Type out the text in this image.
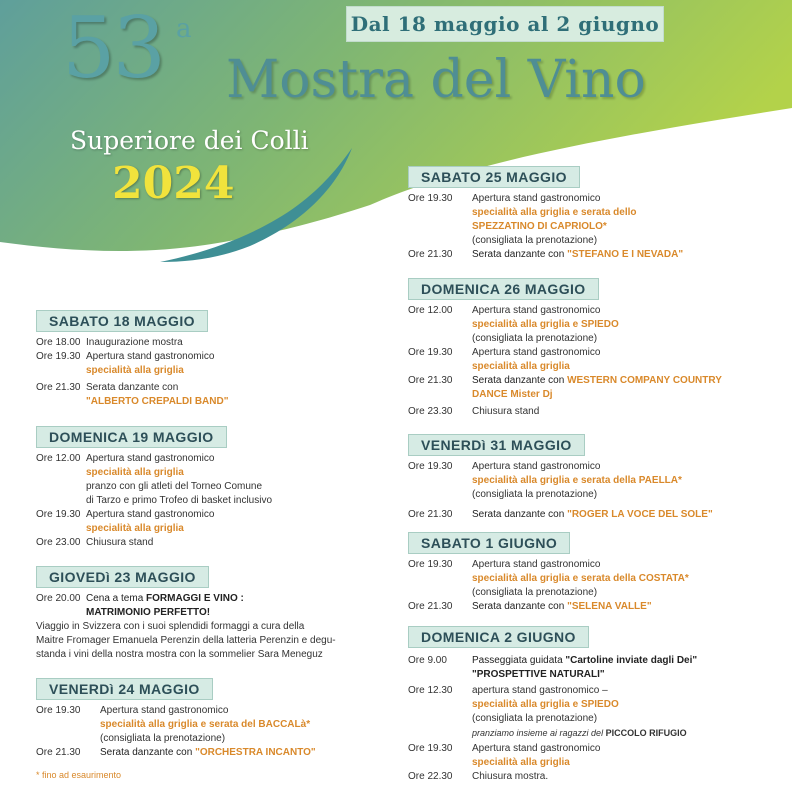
Dal 18 maggio al 2 giugno
53 a
Mostra del Vino
Superiore dei Colli
2024
SABATO 18 MAGGIO
Ore 18.00 Inaugurazione mostra
Ore 19.30 Apertura stand gastronomico
specialità alla griglia
Ore 21.30 Serata danzante con
"ALBERTO CREPALDI BAND"
DOMENICA 19 MAGGIO
Ore 12.00 Apertura stand gastronomico
specialità alla griglia
pranzo con gli atleti del Torneo Comune
di Tarzo e primo Trofeo di basket inclusivo
Ore 19.30 Apertura stand gastronomico
specialità alla griglia
Ore 23.00 Chiusura stand
GIOVEDì 23 MAGGIO
Ore 20.00 Cena a tema FORMAGGI E VINO :
MATRIMONIO PERFETTO!
Viaggio in Svizzera con i suoi splendidi formaggi a cura della
Maitre Fromager Emanuela Perenzin della latteria Perenzin e degu-
standa i vini della nostra mostra con la sommelier Sara Meneguz
VENERDì 24 MAGGIO
Ore 19.30	Apertura stand gastronomico
specialità alla griglia e serata del BACCALà*
(consigliata la prenotazione)
Ore 21.30	Serata danzante con "ORCHESTRA INCANTO"
* fino ad esaurimento
SABATO 25 MAGGIO
Ore 19.30	Apertura stand gastronomico
specialità alla griglia e serata dello
SPEZZATINO DI CAPRIOLO*
(consigliata la prenotazione)
Ore 21.30	Serata danzante con "STEFANO E I NEVADA"
DOMENICA 26 MAGGIO
Ore 12.00	Apertura stand gastronomico
specialità alla griglia e SPIEDO
(consigliata la prenotazione)
Ore 19.30	Apertura stand gastronomico
specialità alla griglia
Ore 21.30	Serata danzante con WESTERN COMPANY COUNTRY
DANCE Mister Dj
Ore 23.30	Chiusura stand
VENERDì 31 MAGGIO
Ore 19.30	Apertura stand gastronomico
specialità alla griglia e serata della PAELLA*
(consigliata la prenotazione)
Ore 21.30	Serata danzante con "ROGER LA VOCE DEL SOLE"
SABATO 1 GIUGNO
Ore 19.30	Apertura stand gastronomico
specialità alla griglia e serata della COSTATA*
(consigliata la prenotazione)
Ore 21.30	Serata danzante con "SELENA VALLE"
DOMENICA 2 GIUGNO
Ore 9.00	Passeggiata guidata "Cartoline inviate dagli Dei"
"PROSPETTIVE NATURALI"
Ore 12.30	apertura stand gastronomico –
specialità alla griglia e SPIEDO
(consigliata la prenotazione)
pranziamo insieme ai ragazzi del PICCOLO RIFUGIO
Ore 19.30	Apertura stand gastronomico
specialità alla griglia
Ore 22.30	Chiusura mostra.
